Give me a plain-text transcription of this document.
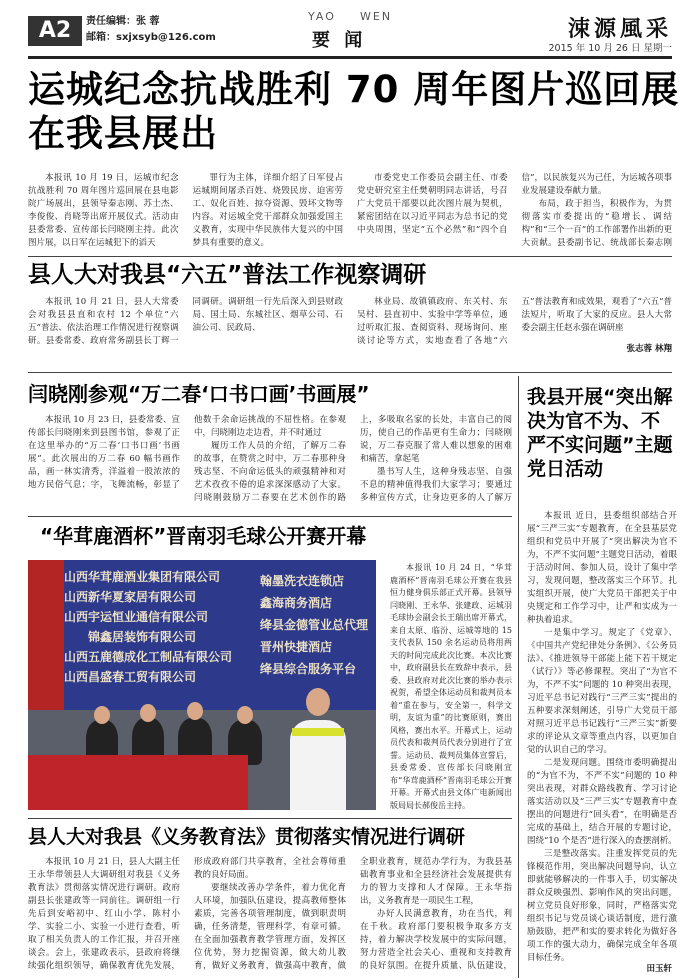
A2	责任编辑：张 蓉
邮箱：sxjxsyb@126.com
YAO WEN
要 闻	涑源風采
2015 年 10 月 26 日 星期一
运城纪念抗战胜利 70 周年图片巡回展在我县展出

本报讯 10 月 19 日，运城市纪念抗战胜利 70 周年图片巡回展在县电影院广场展出，县领导秦志刚、苏士杰、李俊俊、肖晓等出席开展仪式。活动由县委常委、宣传部长闫晓刚主持。此次图片展，以日军在运城犯下的滔天

罪行为主体，详细介绍了日军侵占运城期间屠杀百姓、烧毁民房、迫害劳工、奴化百姓、掠夺资源、毁坏文物等内容。对运城全党干部群众加强爱国主义教育，实现中华民族伟大复兴的中国梦具有重要的意义。

市委党史工作委员会副主任、市委党史研究室主任樊朝明同志讲话，号召广大党员干部要以此次图片展为契机，紧密团结在以习近平同志为总书记的党中央周围，坚定“五个必然”和“四个自信”，以民族复兴为己任，为运城各项事业发展建设奉献力量。

布局，政于担当，积极作为，为贯彻落实市委提出的“稳增长、调结构”和“三个一百”的工作部署作出新的更大贡献。县委副书记、统战部长秦志刚

县人大对我县“六五”普法工作视察调研

本报讯 10 月 21 日，县人大常委会对我县县直和农村 12 个单位“六五”普法、依法治理工作情况进行视察调研。县委常委、政府常务副县长丁辉一同调研。调研组一行先后深入到县财政局、国土局、东城社区、烟草公司、石油公司、民政局、

林业局、故镇镇政府、东关村、东吴村、县直初中、实验中学等单位，通过听取汇报、查阅资料、现场询问、座谈讨论等方式，实地查看了各地“六五”普法教育和成效果，观看了“六五”普法短片，听取了大家的反应。县人大常委会副主任赵永强在调研座

张志蓉 林翔
闫晓刚参观“万二春‘口书口画’书画展”

本报讯 10 月 23 日，县委常委、宣传部长闫晓刚来到县图书馆，参观了正在这里举办的“万二春‘口书口画’书画展”。此次展出的万二春 60 幅书画作品，画一林实清秀，洋溢着一股浓浓的地方民俗气息；字，飞舞流畅，彰显了他数千余命运挑战的不屈性格。在参观中，闫晓刚边走边看，并不时通过

履历工作人员的介绍，了解万二春的故事，在赞赏之时中，万二春那种身残志坚、不向命运低头的顽强精神和对艺术孜孜不倦的追求深深感动了大家。闫晓刚鼓励万二春要在艺术创作的路上，多吸取名家的长处，丰富自己的阅历，使自己的作品更有生命力；闫晓刚说，万二春克服了常人难以想象的困难和痛苦，拿起笔

墨书写人生，这种身残志坚、自强不息的精神值得我们大家学习；要通过多种宣传方式，让身边更多的人了解万

“华茸鹿酒杯”晋南羽毛球公开赛开幕
山西华茸鹿酒业集团有限公司
山西新华夏家居有限公司
山西宇运恒业通信有限公司
锦鑫居装饰有限公司
山西五鹿德成化工制品有限公司
山西昌盛春工贸有限公司
翰墨洗衣连锁店
鑫海商务酒店
绛县金德管业总代理
晋州快捷酒店
绛县综合服务平台

本报讯 10 月 24 日，“华茸鹿酒杯”晋南羽毛球公开赛在我县恒力健身俱乐部正式开幕。县领导闫晓刚、王永华、张建政、运城羽毛球协会副会长王瑞出席开幕式，来自太原、临汾、运城等地的 15 支代表队 150 余名运动员将用两天的时间完成此次比赛。本次比赛中，政府副县长在致辞中表示，县委、县政府对此次比赛的举办表示祝贺，希望全体运动员和裁判员本着“重在参与，安全第一，科学文明，友谊为重”的比赛原则，赛出风格，赛出水平。开幕式上，运动员代表和裁判员代表分别进行了宣誓。运动员、裁判员集体宣誓后，县委常委、宣传部长闫晓刚宣布“华茸鹿酒杯”晋南羽毛球公开赛开幕。开幕式由县文体广电新闻出版局局长郝俊岳主持。

县人大对我县《义务教育法》贯彻落实情况进行调研

本报讯 10 月 21 日，县人大副主任王永华带领县人大调研组对我县《义务教育法》贯彻落实情况进行调研。政府副县长张建政等一同前往。调研组一行先后到安峪初中、红山小学、陈村小学、实验二小、实验一小进行查看，听取了相关负责人的工作汇报，并召开座谈会。会上，张建政表示，县政府将继续强化组织领导，确保教育优先发展，形成政府部门共享教育，全社会尊师重教的良好局面。

要继续改善办学条件，着力优化育人环境，加强队伍建设，提高教师整体素质，完善各项管理制度，做到职责明确，任务清楚，管理科学，有章可循。在全面加强教育教学管理方面，发挥区位优势，努力挖掘资源，做大幼儿教育，做好义务教育，做强高中教育，做全职业教育，规范办学行为，为我县基础教育事业和全县经济社会发展提供有力的智力支撑和人才保障。王永华指出，义务教育是一项民生工程，

办好人民满意教育，功在当代，利在千秋。政府部门要积极争取多方支持，着力解决学校发展中的实际问题，努力营造全社会关心、重视和支持教育的良好氛围。在提升质量、队伍建设，

我县开展“突出解决为官不为、不严不实问题”主题党日活动

本报讯 近日，县委组织部结合开展“三严三实”专题教育，在全县基层党组织和党员中开展了“突出解决为官不为，不严不实问题”主题党日活动，着眼于活动时间、参加人员，设计了集中学习，发现问题，整改落实三个环节。扎实组织开展，使广大党员干部把关于中央规定和工作学习中，让严和实成为一种执着追求。

一是集中学习。规定了《党章》、《中国共产党纪律处分条例》、《公务员法》、《推进领导干部能上能下若干规定（试行）》等必修课程。突出了“为官不为，不严不实”问题的 10 种突出表现，习近平总书记对践行“三严三实”提出的五种要求深刻阐述，引导广大党员干部对照习近平总书记践行“三严三实”新要求的评论从文章等重点内容，以更加自觉的认识自己的学习。

二是发现问题。围绕市委明确提出的“为官不为，不严不实”问题的 10 种突出表现，对群众路线教育、学习讨论落实活动以及“三严三实”专题教育中查摆出的问题进行“回头看”，在明确是否完成的基础上，结合开展的专题讨论，围绕“10 个是否”进行深入的查摆剖析。

三是整改落实。注重发挥党员的先锋模范作用，突出解决问题导向，认立即就能够解决的一件事入手，切实解决群众反映强烈、影响作风的突出问题，树立党员良好形象，同时，严格落实党组织书记与党员谈心谈话制度，进行激励鼓励，把严和实的要求转化为做好各项工作的强大动力，确保完成全年各项目标任务。

田玉轩
